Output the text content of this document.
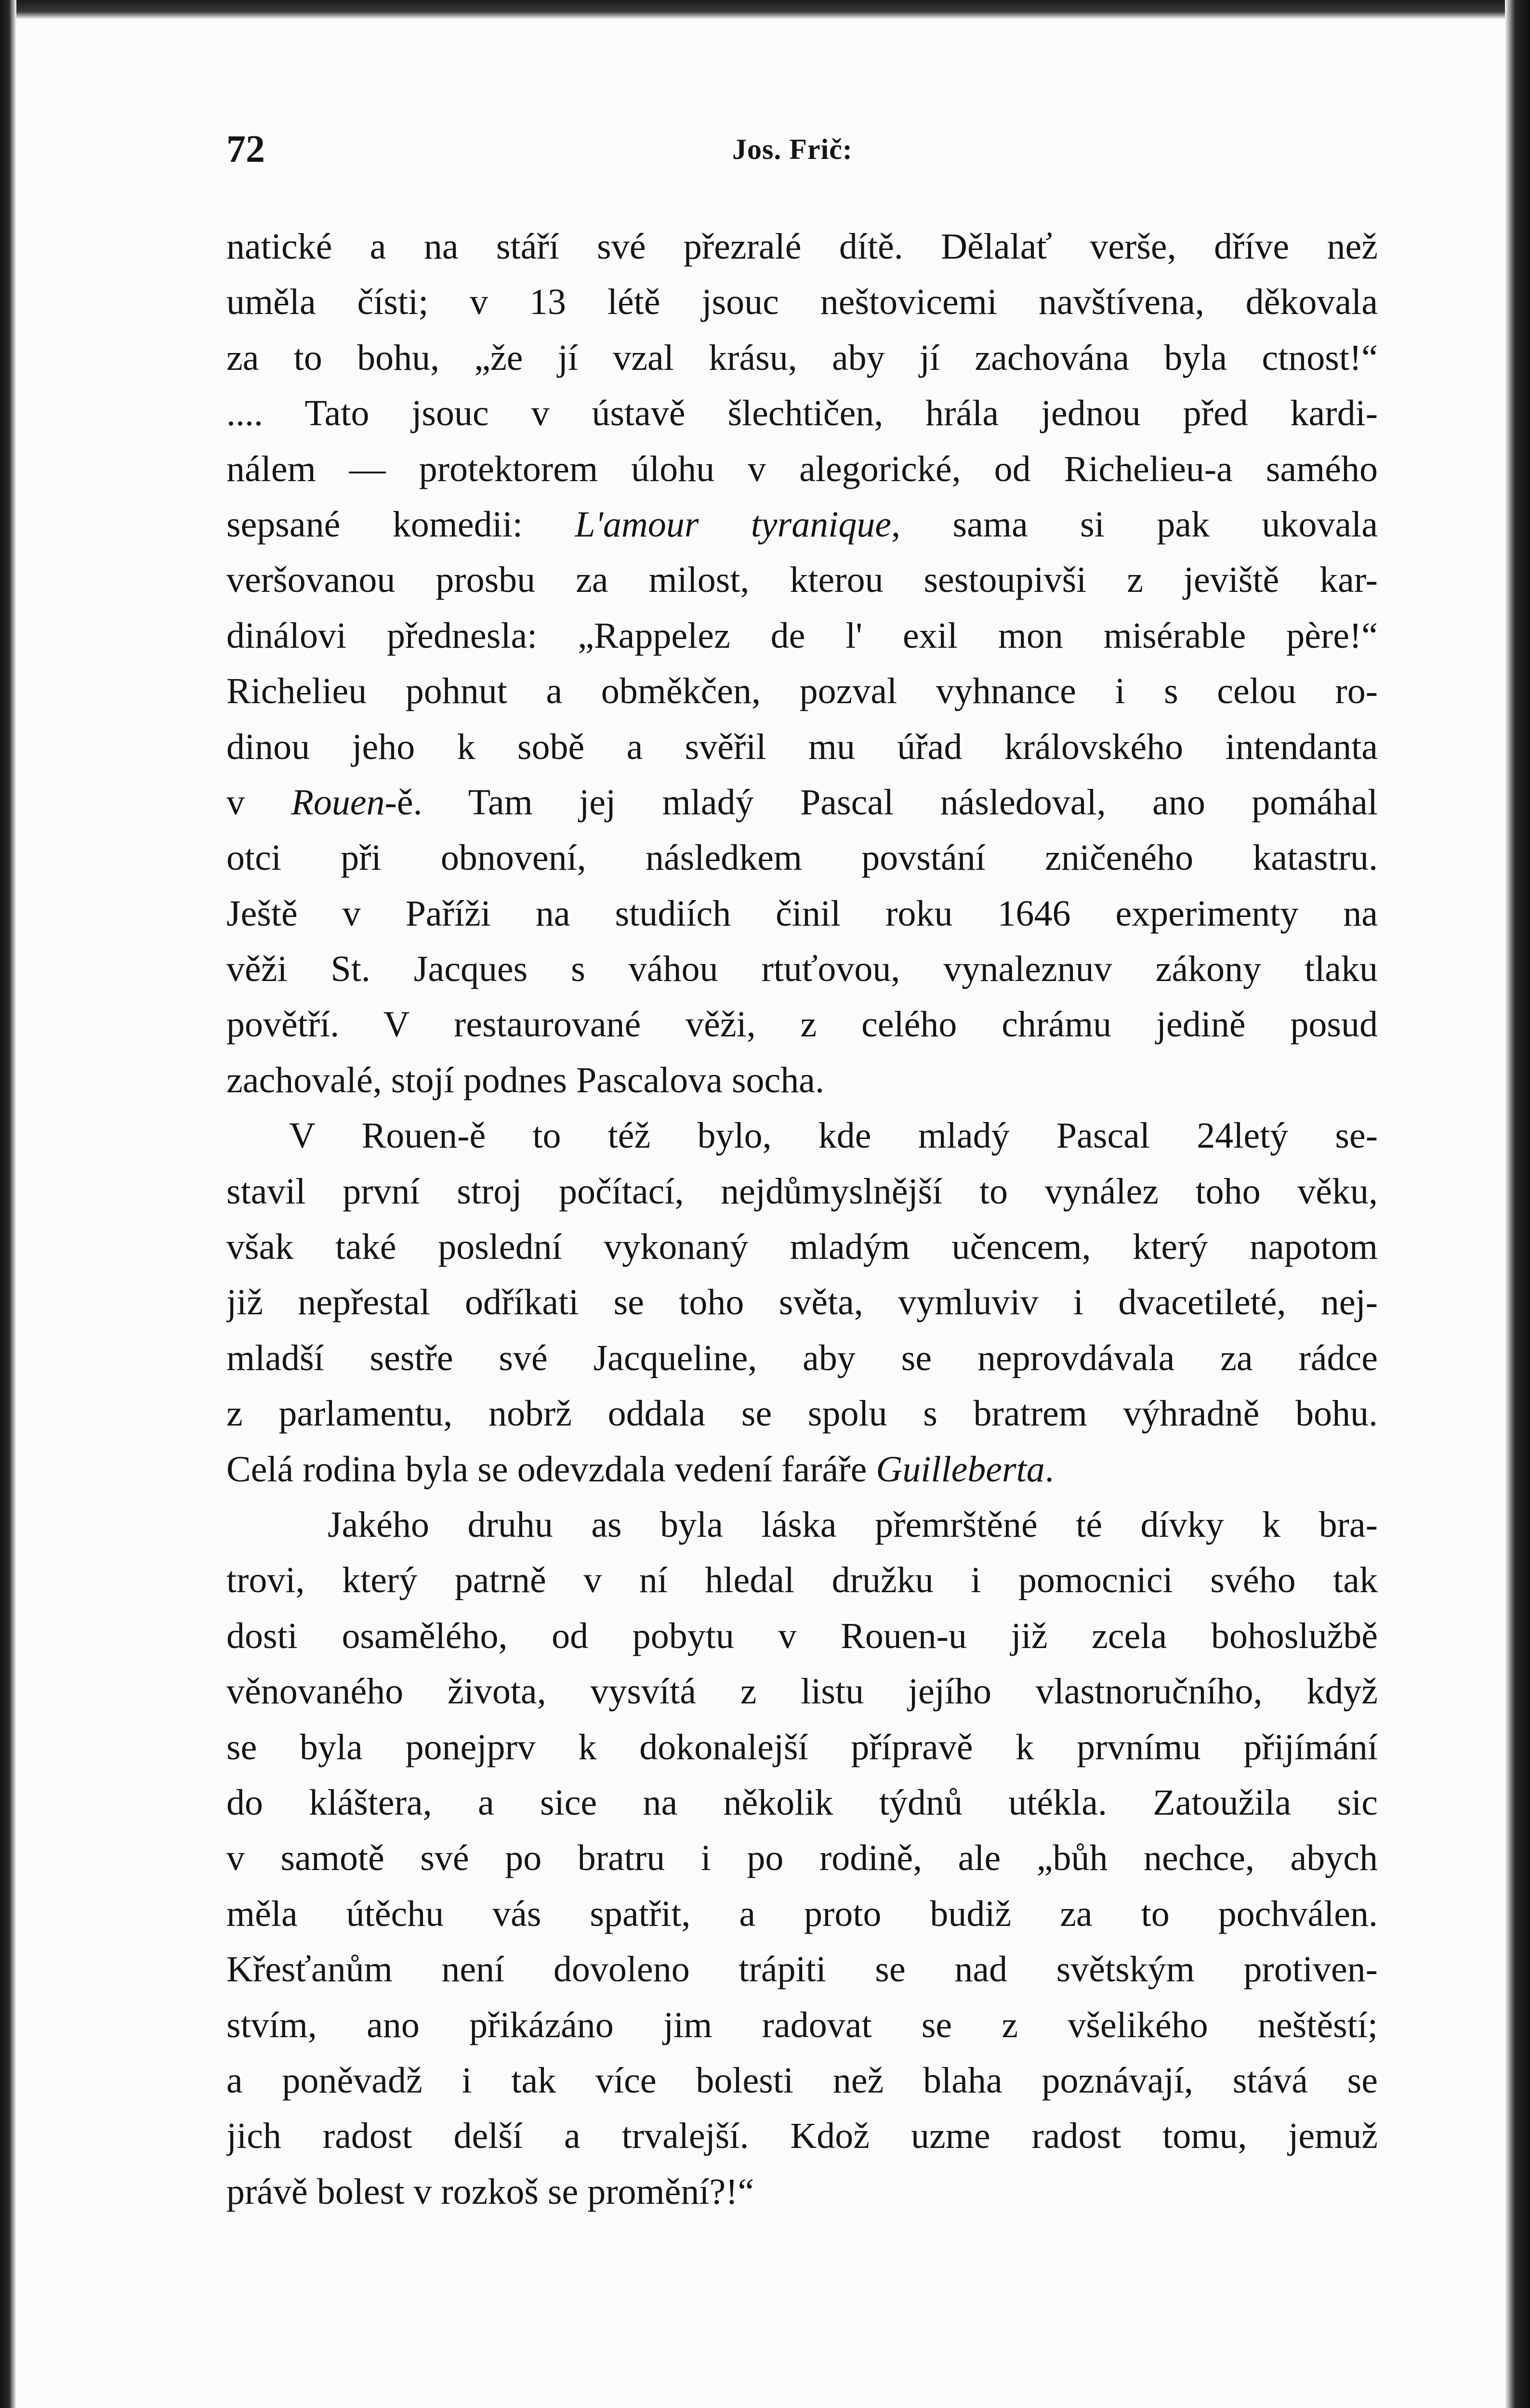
72	Jos. Frič:
natické a na stáří své přezralé dítě. Dělalať verše, dříve než
uměla čísti; v 13 létě jsouc neštovicemi navštívena, děkovala
za to bohu, „že jí vzal krásu, aby jí zachována byla ctnost!“
.... Tato jsouc v ústavě šlechtičen, hrála jednou před kardi-
nálem — protektorem úlohu v alegorické, od Richelieu-a samého
sepsané komedii: L'amour tyranique, sama si pak ukovala
veršovanou prosbu za milost, kterou sestoupivši z jeviště kar-
dinálovi přednesla: „Rappelez de l' exil mon misérable père!“
Richelieu pohnut a obměkčen, pozval vyhnance i s celou ro-
dinou jeho k sobě a svěřil mu úřad královského intendanta
v Rouen-ě. Tam jej mladý Pascal následoval, ano pomáhal
otci při obnovení, následkem povstání zničeného katastru.
Ještě v Paříži na studiích činil roku 1646 experimenty na
věži St. Jacques s váhou rtuťovou, vynaleznuv zákony tlaku
povětří. V restaurované věži, z celého chrámu jedině posud
zachovalé, stojí podnes Pascalova socha.
V Rouen-ě to též bylo, kde mladý Pascal 24letý se-
stavil první stroj počítací, nejdůmyslnější to vynález toho věku,
však také poslední vykonaný mladým učencem, který napotom
již nepřestal odříkati se toho světa, vymluviv i dvacetileté, nej-
mladší sestře své Jacqueline, aby se neprovdávala za rádce
z parlamentu, nobrž oddala se spolu s bratrem výhradně bohu.
Celá rodina byla se odevzdala vedení faráře Guilleberta.
Jakého druhu as byla láska přemrštěné té dívky k bra-
trovi, který patrně v ní hledal družku i pomocnici svého tak
dosti osamělého, od pobytu v Rouen-u již zcela bohoslužbě
věnovaného života, vysvítá z listu jejího vlastnoručního, když
se byla ponejprv k dokonalejší přípravě k prvnímu přijímání
do kláštera, a sice na několik týdnů utékla. Zatoužila sic
v samotě své po bratru i po rodině, ale „bůh nechce, abych
měla útěchu vás spatřit, a proto budiž za to pochválen.
Křesťanům není dovoleno trápiti se nad světským protiven-
stvím, ano přikázáno jim radovat se z všelikého neštěstí;
a poněvadž i tak více bolesti než blaha poznávají, stává se
jich radost delší a trvalejší. Kdož uzme radost tomu, jemuž
právě bolest v rozkoš se promění?!“
